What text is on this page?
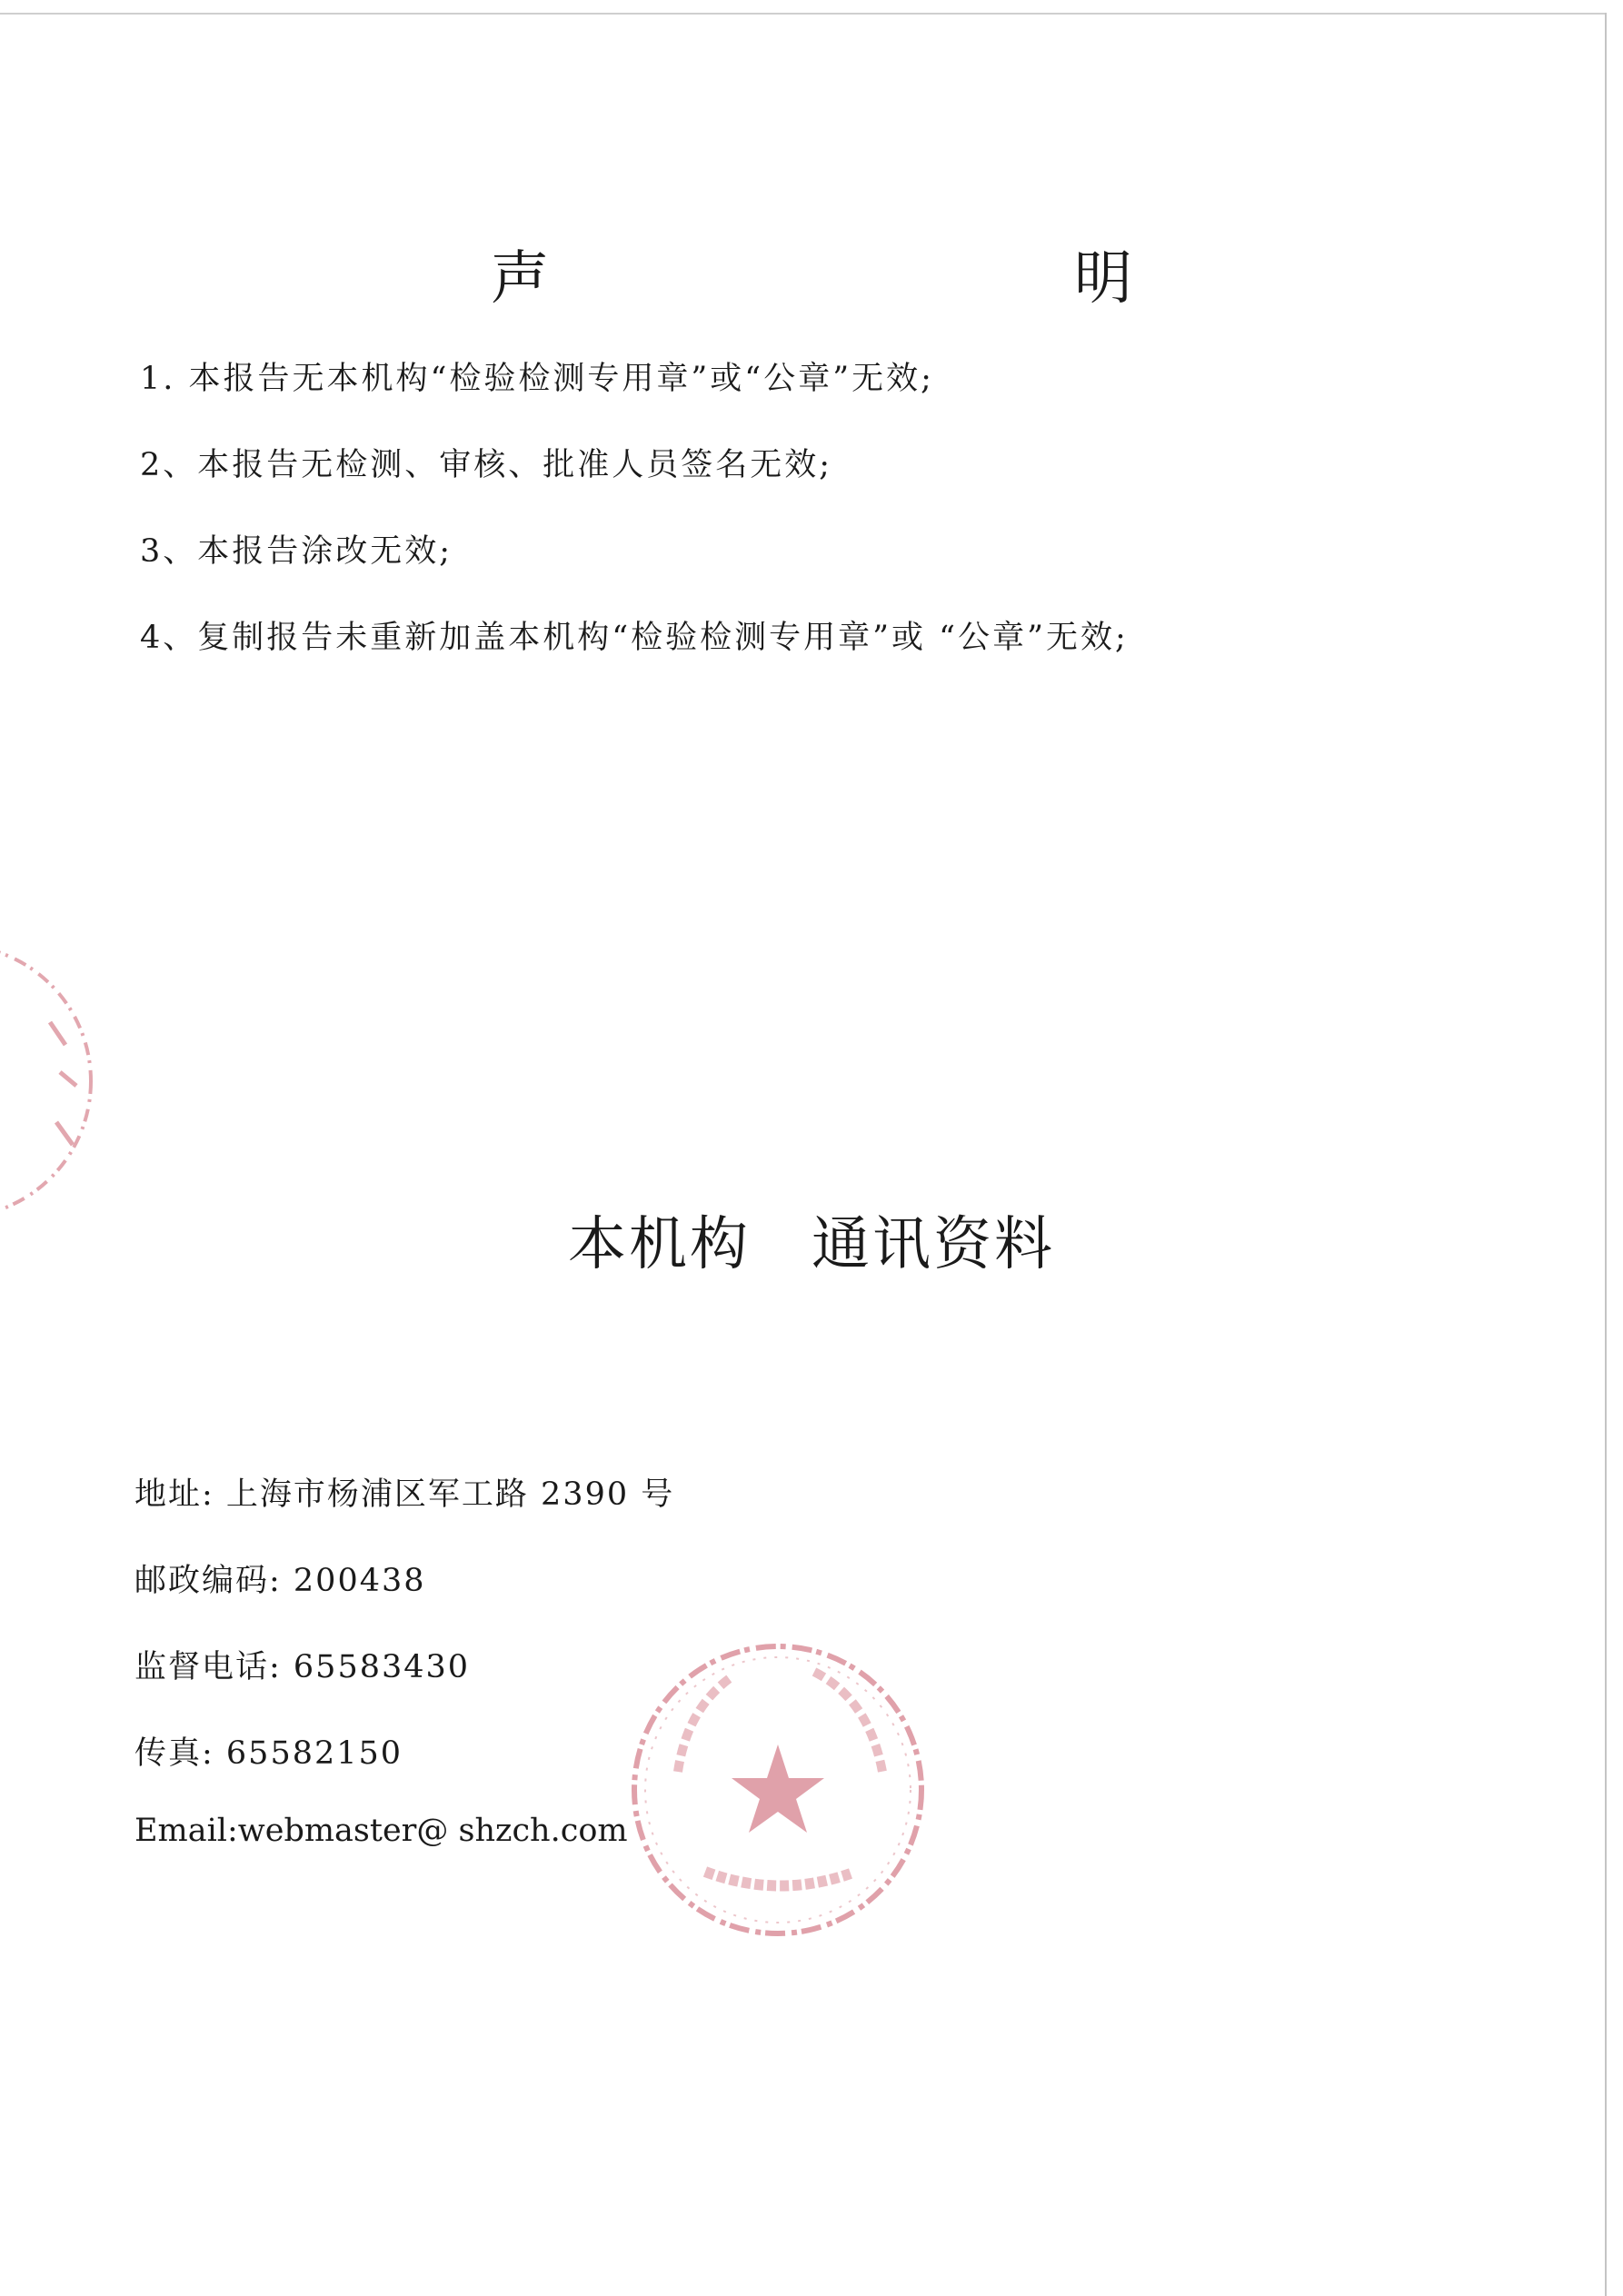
声　　明
1. 本报告无本机构“检验检测专用章”或“公章”无效;
2、本报告无检测、审核、批准人员签名无效;
3、本报告涂改无效;
4、复制报告未重新加盖本机构“检验检测专用章”或 “公章”无效;
本机构　通讯资料
地址: 上海市杨浦区军工路 2390 号
邮政编码: 200438
监督电话: 65583430
传真: 65582150
Email:webmaster@ shzch.com
